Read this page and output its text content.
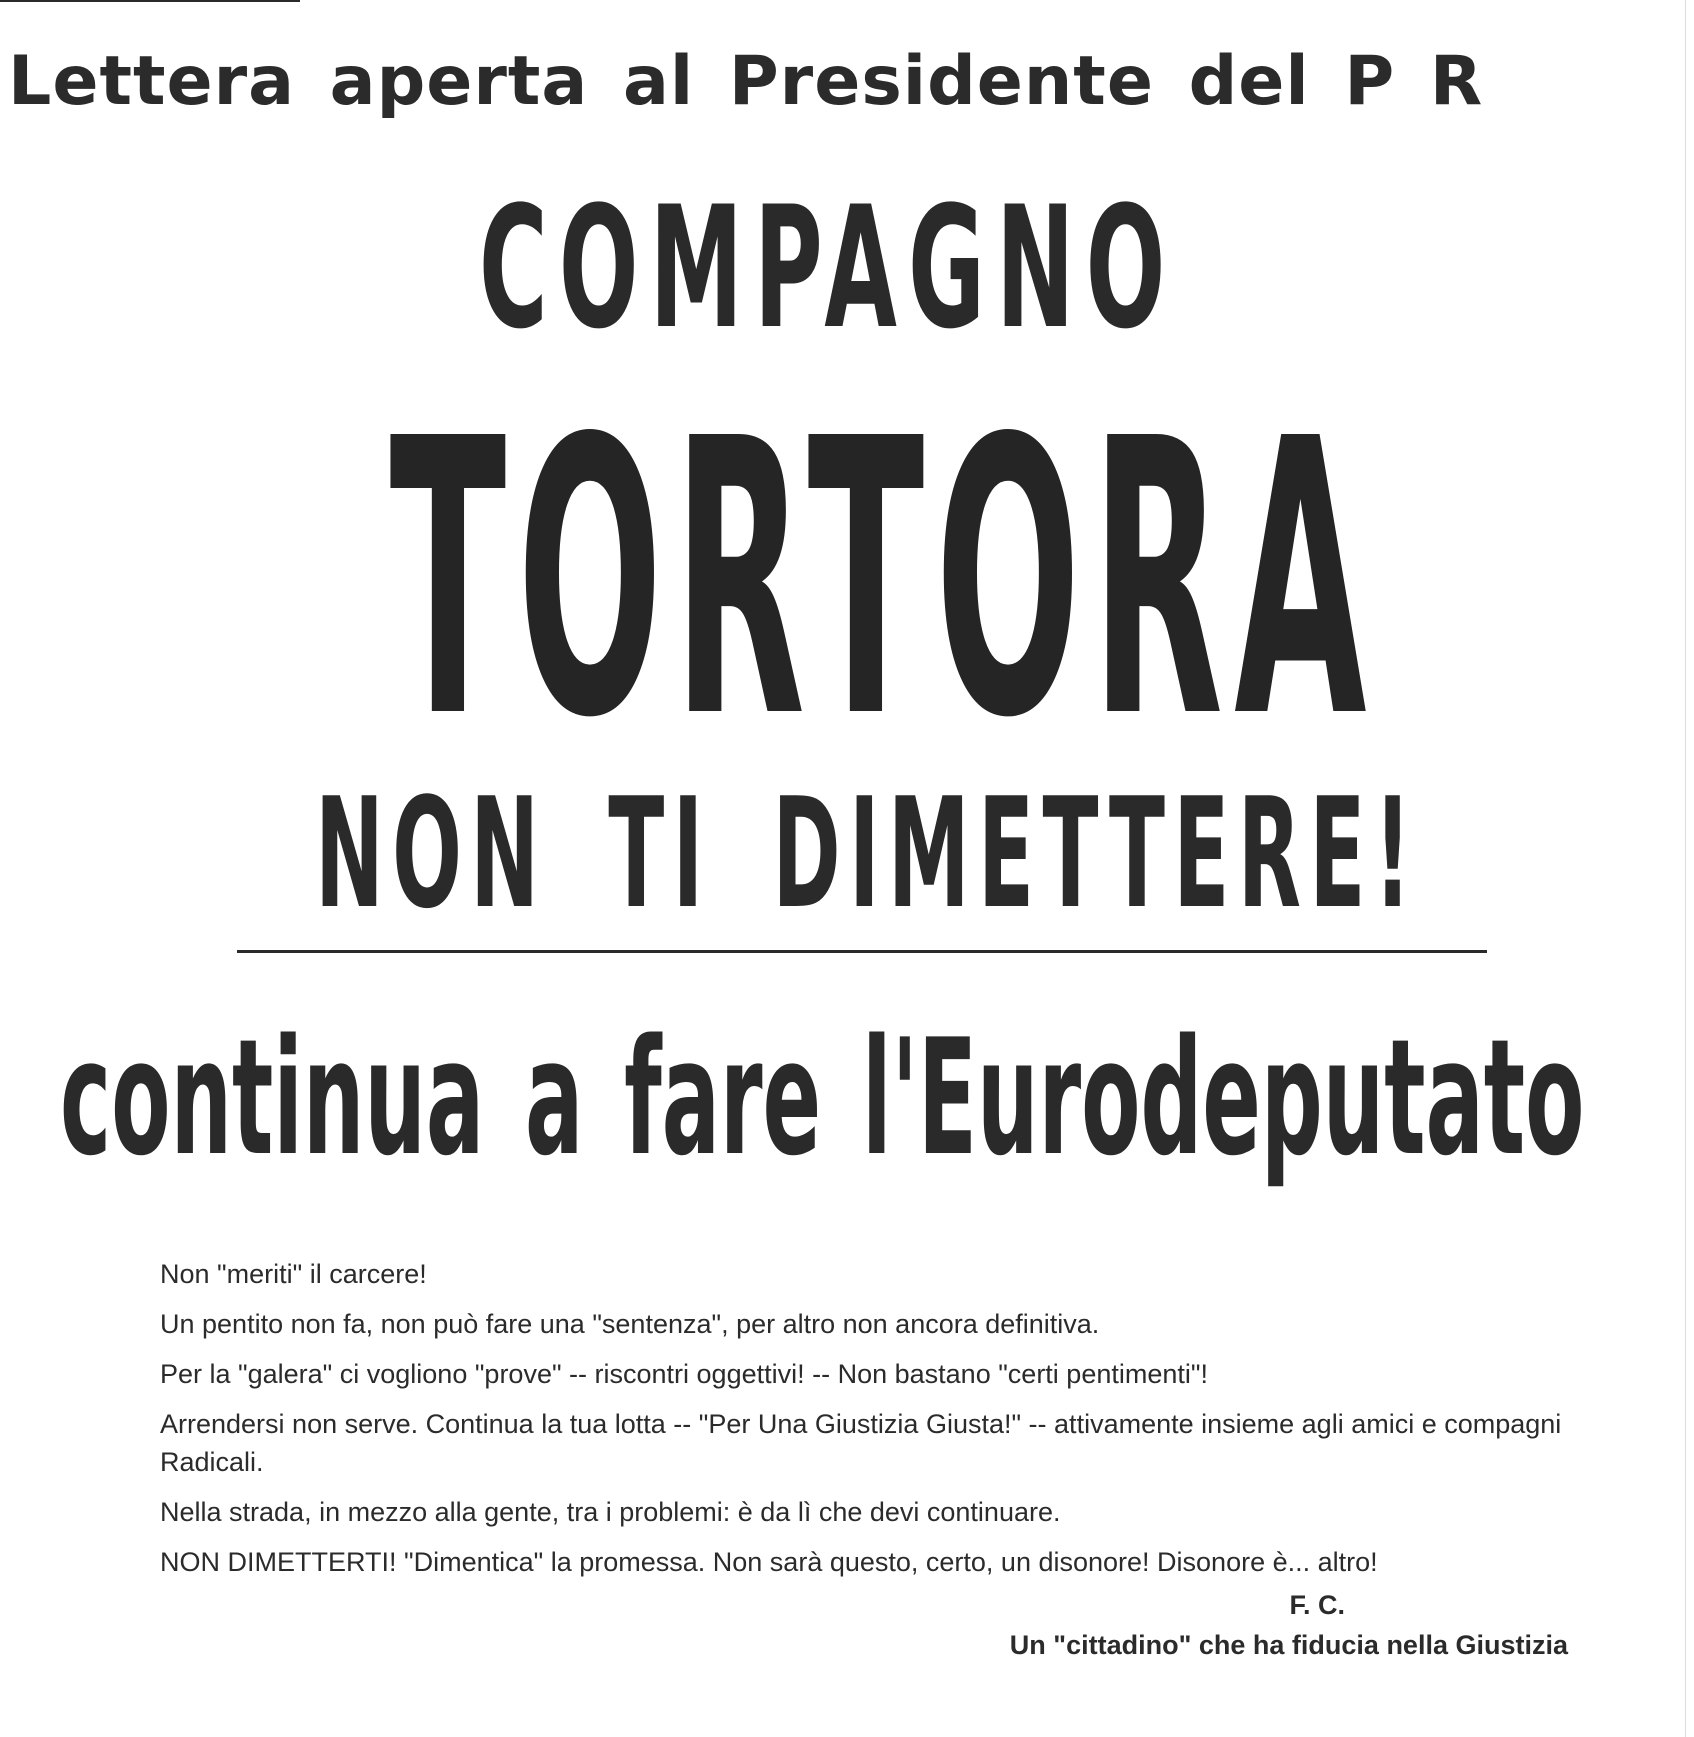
Lettera aperta al Presidente del P R
COMPAGNO
TORTORA
NON TI DIMETTERE!
continua a fare l'Eurodeputato

Non "meriti" il carcere!

Un pentito non fa, non può fare una "sentenza", per altro non ancora definitiva.

Per la "galera" ci vogliono "prove" -- riscontri oggettivi! -- Non bastano "certi pentimenti"!

Arrendersi non serve. Continua la tua lotta -- "Per Una Giustizia Giusta!" -- attivamente insieme agli amici e compagni Radicali.

Nella strada, in mezzo alla gente, tra i problemi: è da lì che devi continuare.

NON DIMETTERTI! "Dimentica" la promessa. Non sarà questo, certo, un disonore! Disonore è... altro!

F. C.
Un "cittadino" che ha fiducia nella Giustizia
